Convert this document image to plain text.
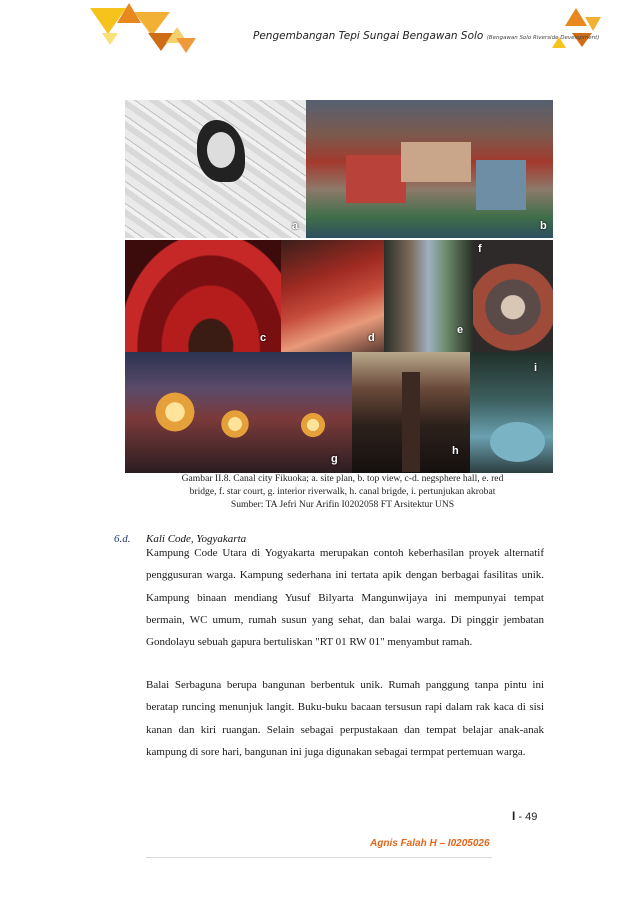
Pengembangan Tepi Sungai Bengawan Solo (Bengawan Solo Riverside Development)
a	b
c	d
e
f
g
h
i
Gambar II.8. Canal city Fikuoka; a. site plan, b. top view, c-d. negsphere hall, e. red
bridge, f. star court, g. interior riverwalk, h. canal brigde, i. pertunjukan akrobat
Sumber: TA Jefri Nur Arifin I0202058 FT Arsitektur UNS
6.d. Kali Code, Yogyakarta
Kampung Code Utara di Yogyakarta merupakan contoh keberhasilan proyek alternatif penggusuran warga. Kampung sederhana ini tertata apik dengan berbagai fasilitas unik. Kampung binaan mendiang Yusuf Bilyarta Mangunwijaya ini mempunyai tempat bermain, WC umum, rumah susun yang sehat, dan balai warga. Di pinggir jembatan Gondolayu sebuah gapura bertuliskan "RT 01 RW 01" menyambut ramah.
Balai Serbaguna berupa bangunan berbentuk unik. Rumah panggung tanpa pintu ini beratap runcing menunjuk langit. Buku-buku bacaan tersusun rapi dalam rak kaca di sisi kanan dan kiri ruangan. Selain sebagai perpustakaan dan tempat belajar anak-anak kampung di sore hari, bangunan ini juga digunakan sebagai termpat pertemuan warga.
I - 49
Agnis Falah H – I0205026
